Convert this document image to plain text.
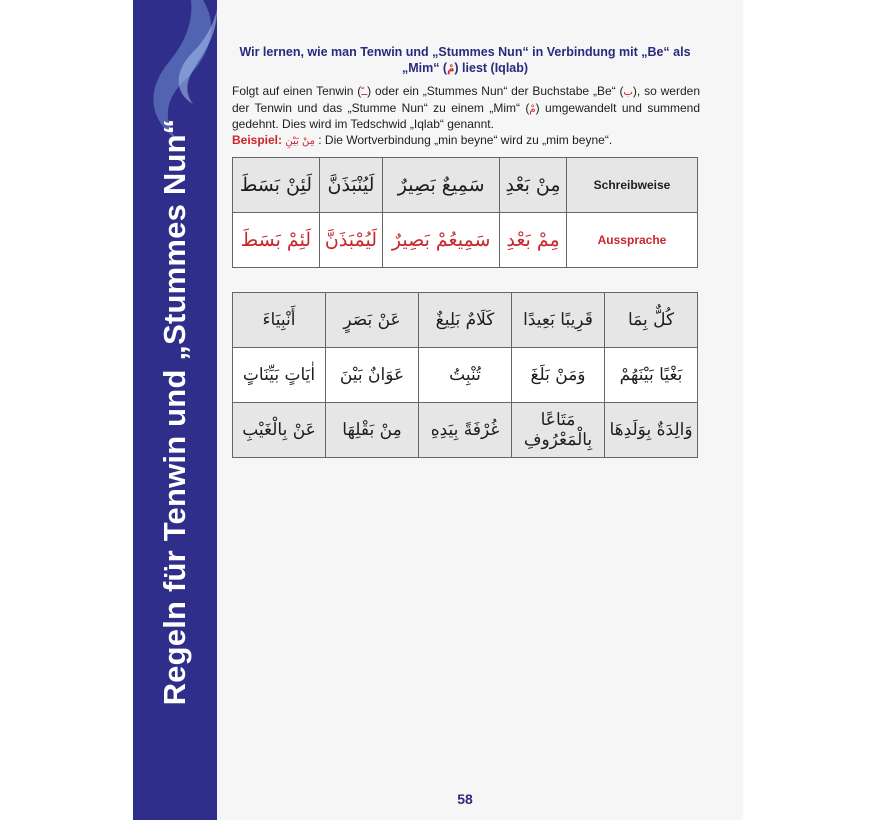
Regeln für Tenwin und „Stummes Nun“
Wir lernen, wie man Tenwin und „Stummes Nun“ in Verbindung mit „Be“ als
„Mim“ (مْ) liest (Iqlab)
Folgt auf einen Tenwin (ــً) oder ein „Stummes Nun“ der Buchstabe „Be“ (ب), so werden der Tenwin und das „Stumme Nun“ zu einem „Mim“ (مْ) umgewandelt und summend gedehnt. Dies wird im Tedschwid „Iqlab“ genannt.
Beispiel: مِنْ بَيْنِ : Die Wortverbindung „min beyne“ wird zu „mim beyne“.
لَئِنْ بَسَطَ	لَيُنْبَذَنَّ	سَمِيعٌ بَصِيرٌ	مِنْ بَعْدِ	Schreibweise
لَئِمْ بَسَطَ	لَيُمْبَذَنَّ	سَمِيعُمْ بَصِيرٌ	مِمْ بَعْدِ	Aussprache
أَنْبِيَاءَ	عَنْ بَصَرٍ	كَلَامٌ بَلِيغٌ	قَرِيبًا بَعِيدًا	كُلٌّ بِمَا
اٰيَاتٍ بَيِّنَاتٍ	عَوَانٌ بَيْنَ	تُنْبِتُ	وَمَنْ بَلَغَ	بَغْيًا بَيْنَهُمْ
عَنْ بِالْغَيْبِ	مِنْ بَقْلِهَا	غُرْفَةً بِيَدِهِ	مَتَاعًا بِالْمَعْرُوفِ	وَالِدَةٌ بِوَلَدِهَا
58
